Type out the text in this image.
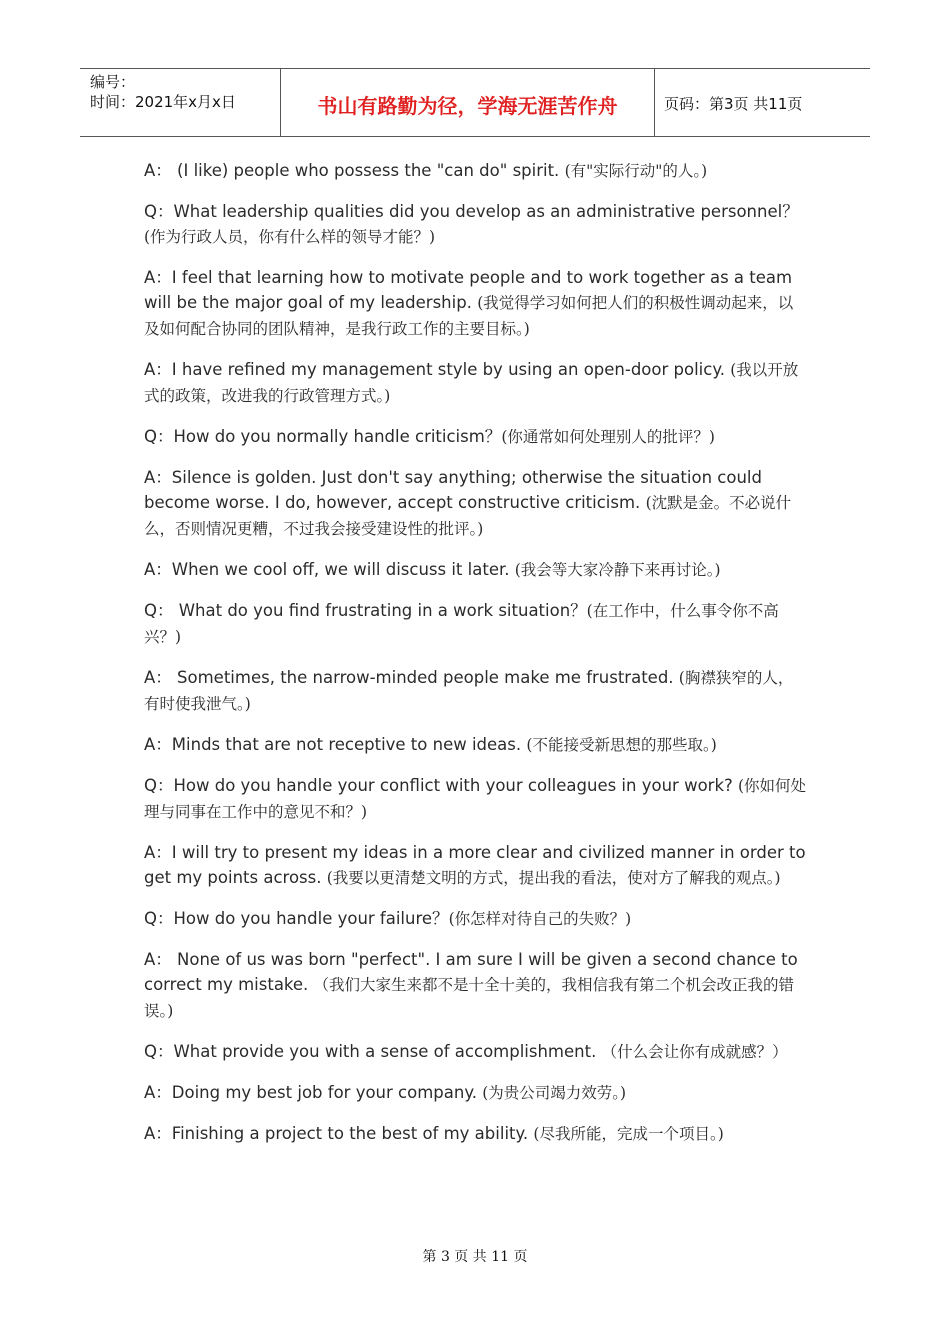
编号：
时间：2021年x月x日	书山有路勤为径，学海无涯苦作舟	页码：第3页 共11页

A： (I like) people who possess the "can do" spirit. (有"实际行动"的人。)

Q：What leadership qualities did you develop as an administrative personnel？(作为行政人员，你有什么样的领导才能？)

A：I feel that learning how to motivate people and to work together as a team will be the major goal of my leadership. (我觉得学习如何把人们的积极性调动起来，以及如何配合协同的团队精神，是我行政工作的主要目标。)

A：I have refined my management style by using an open-door policy. (我以开放式的政策，改进我的行政管理方式。)

Q：How do you normally handle criticism？(你通常如何处理别人的批评？)

A：Silence is golden. Just don't say anything; otherwise the situation could become worse. I do, however, accept constructive criticism. (沈默是金。不必说什么，否则情况更糟，不过我会接受建设性的批评。)

A：When we cool off, we will discuss it later. (我会等大家冷静下来再讨论。)

Q： What do you find frustrating in a work situation？(在工作中，什么事令你不高兴？)

A： Sometimes, the narrow-minded people make me frustrated. (胸襟狭窄的人，有时使我泄气。)

A：Minds that are not receptive to new ideas. (不能接受新思想的那些取。)

Q：How do you handle your conflict with your colleagues in your work? (你如何处理与同事在工作中的意见不和？)

A：I will try to present my ideas in a more clear and civilized manner in order to get my points across. (我要以更清楚文明的方式，提出我的看法，使对方了解我的观点。)

Q：How do you handle your failure？(你怎样对待自己的失败？)

A： None of us was born "perfect". I am sure I will be given a second chance to correct my mistake. （我们大家生来都不是十全十美的，我相信我有第二个机会改正我的错误。)

Q：What provide you with a sense of accomplishment. （什么会让你有成就感？）

A：Doing my best job for your company. (为贵公司竭力效劳。)

A：Finishing a project to the best of my ability. (尽我所能，完成一个项目。)

第 3 页 共 11 页
